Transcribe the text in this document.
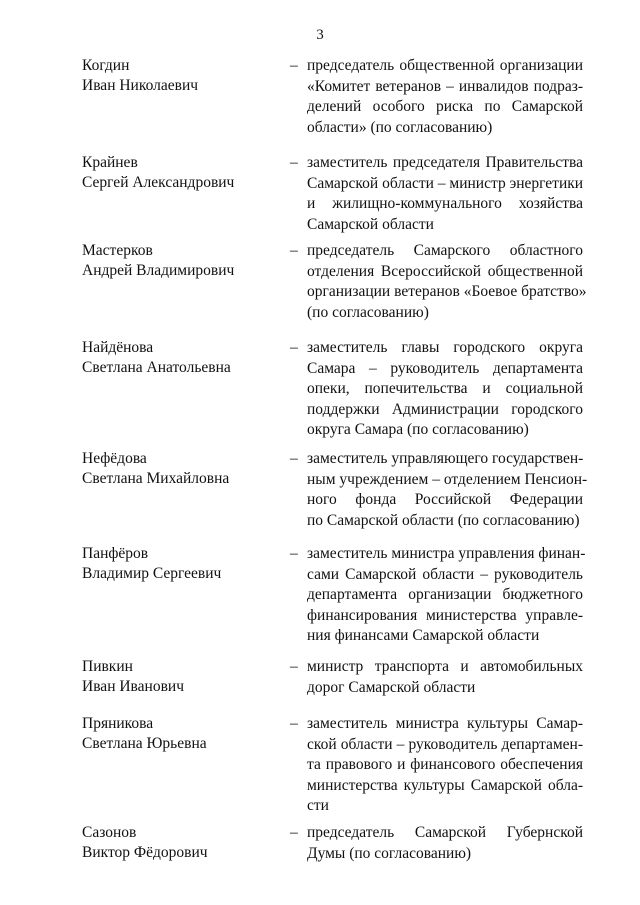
3
Когдин
Иван Николаевич
– председатель общественной организации
«Комитет ветеранов – инвалидов подраз-
делений особого риска по Самарской
области» (по согласованию)
Крайнев
Сергей Александрович
– заместитель председателя Правительства
Самарской области – министр энергетики
и жилищно-коммунального хозяйства
Самарской области
Мастерков
Андрей Владимирович
– председатель Самарского областного
отделения Всероссийской общественной
организации ветеранов «Боевое братство»
(по согласованию)
Найдёнова
Светлана Анатольевна
– заместитель главы городского округа
Самара – руководитель департамента
опеки, попечительства и социальной
поддержки Администрации городского
округа Самара (по согласованию)
Нефёдова
Светлана Михайловна
– заместитель управляющего государствен-
ным учреждением – отделением Пенсион-
ного фонда Российской Федерации
по Самарской области (по согласованию)
Панфёров
Владимир Сергеевич
– заместитель министра управления финан-
сами Самарской области – руководитель
департамента организации бюджетного
финансирования министерства управле-
ния финансами Самарской области
Пивкин
Иван Иванович
– министр транспорта и автомобильных
дорог Самарской области
Пряникова
Светлана Юрьевна
– заместитель министра культуры Самар-
ской области – руководитель департамен-
та правового и финансового обеспечения
министерства культуры Самарской обла-
сти
Сазонов
Виктор Фёдорович
– председатель Самарской Губернской
Думы (по согласованию)
